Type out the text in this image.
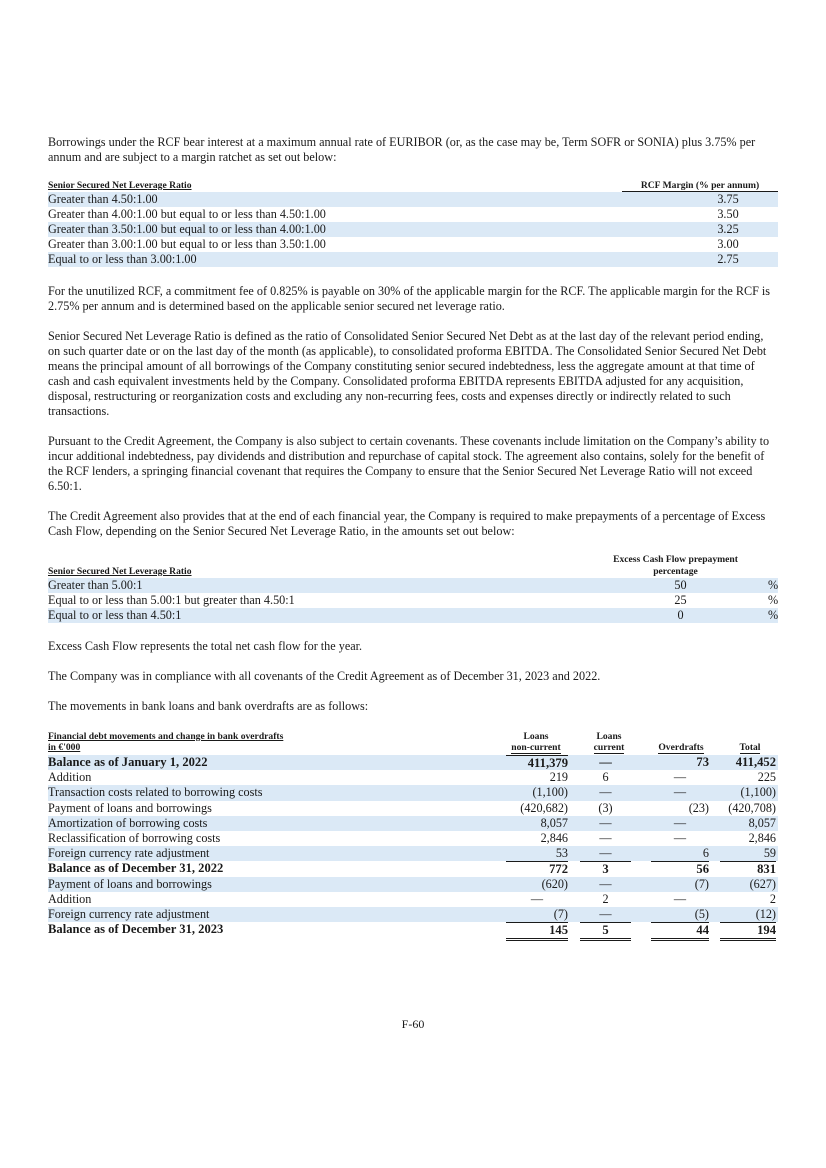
Borrowings under the RCF bear interest at a maximum annual rate of EURIBOR (or, as the case may be, Term SOFR or SONIA) plus 3.75% per annum and are subject to a margin ratchet as set out below:

Senior Secured Net Leverage Ratio	RCF Margin (% per annum)
Greater than 4.50:1.00	3.75
Greater than 4.00:1.00 but equal to or less than 4.50:1.00	3.50
Greater than 3.50:1.00 but equal to or less than 4.00:1.00	3.25
Greater than 3.00:1.00 but equal to or less than 3.50:1.00	3.00
Equal to or less than 3.00:1.00	2.75

For the unutilized RCF, a commitment fee of 0.825% is payable on 30% of the applicable margin for the RCF. The applicable margin for the RCF is 2.75% per annum and is determined based on the applicable senior secured net leverage ratio.

Senior Secured Net Leverage Ratio is defined as the ratio of Consolidated Senior Secured Net Debt as at the last day of the relevant period ending, on such quarter date or on the last day of the month (as applicable), to consolidated proforma EBITDA. The Consolidated Senior Secured Net Debt means the principal amount of all borrowings of the Company constituting senior secured indebtedness, less the aggregate amount at that time of cash and cash equivalent investments held by the Company. Consolidated proforma EBITDA represents EBITDA adjusted for any acquisition, disposal, restructuring or reorganization costs and excluding any non-recurring fees, costs and expenses directly or indirectly related to such transactions.

Pursuant to the Credit Agreement, the Company is also subject to certain covenants. These covenants include limitation on the Company’s ability to incur additional indebtedness, pay dividends and distribution and repurchase of capital stock. The agreement also contains, solely for the benefit of the RCF lenders, a springing financial covenant that requires the Company to ensure that the Senior Secured Net Leverage Ratio will not exceed 6.50:1.

The Credit Agreement also provides that at the end of each financial year, the Company is required to make prepayments of a percentage of Excess Cash Flow, depending on the Senior Secured Net Leverage Ratio, in the amounts set out below:

Senior Secured Net Leverage Ratio
Excess Cash Flow prepayment

percentage
Greater than 5.00:1	50	%
Equal to or less than 5.00:1 but greater than 4.50:1	25	%
Equal to or less than 4.50:1	0	%

Excess Cash Flow represents the total net cash flow for the year.

The Company was in compliance with all covenants of the Credit Agreement as of December 31, 2023 and 2022.

The movements in bank loans and bank overdrafts are as follows:

Financial debt movements and change in bank overdrafts
in €'000
Loans
non-current
Loans
current	Overdrafts	Total
Balance as of January 1, 2022	411,379	—	73	411,452
Addition	219	6	—	225
Transaction costs related to borrowing costs	(1,100)	—	—	(1,100)
Payment of loans and borrowings	(420,682)	(3)	(23)	(420,708)
Amortization of borrowing costs	8,057	—	—	8,057
Reclassification of borrowing costs	2,846	—	—	2,846
Foreign currency rate adjustment	53	—	6	59
Balance as of December 31, 2022	772	3	56	831
Payment of loans and borrowings	(620)	—	(7)	(627)
Addition	—	2	—	2
Foreign currency rate adjustment	(7)	—	(5)	(12)
Balance as of December 31, 2023	145	5	44	194
F-60
